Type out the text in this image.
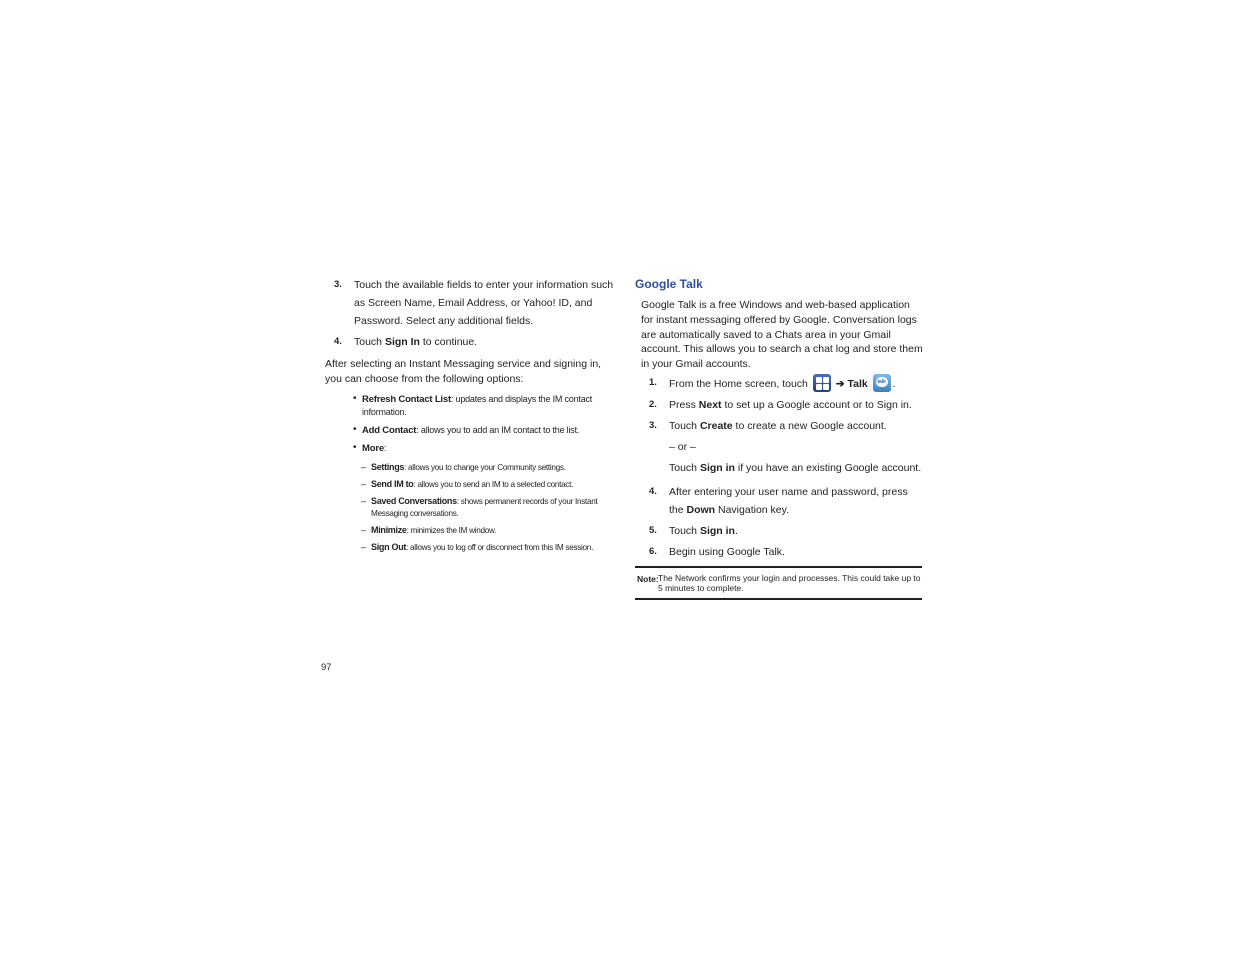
3. Touch the available fields to enter your information such as Screen Name, Email Address, or Yahoo! ID, and Password. Select any additional fields.
4. Touch Sign In to continue.

After selecting an Instant Messaging service and signing in, you can choose from the following options:

• Refresh Contact List: updates and displays the IM contact information.
• Add Contact: allows you to add an IM contact to the list.
• More:
– Settings: allows you to change your Community settings.
– Send IM to: allows you to send an IM to a selected contact.
– Saved Conversations: shows permanent records of your Instant Messaging conversations.
– Minimize: minimizes the IM window.
– Sign Out: allows you to log off or disconnect from this IM session.
Google Talk

Google Talk is a free Windows and web-based application for instant messaging offered by Google. Conversation logs are automatically saved to a Chats area in your Gmail account. This allows you to search a chat log and store them in your Gmail accounts.

1. From the Home screen, touch	➔ Talk	talk .
2. Press Next to set up a Google account or to Sign in.
3. Touch Create to create a new Google account.
– or –
Touch Sign in if you have an existing Google account.
4. After entering your user name and password, press the Down Navigation key.
5. Touch Sign in.
6. Begin using Google Talk.
Note: The Network confirms your login and processes. This could take up to 5 minutes to complete.
97
